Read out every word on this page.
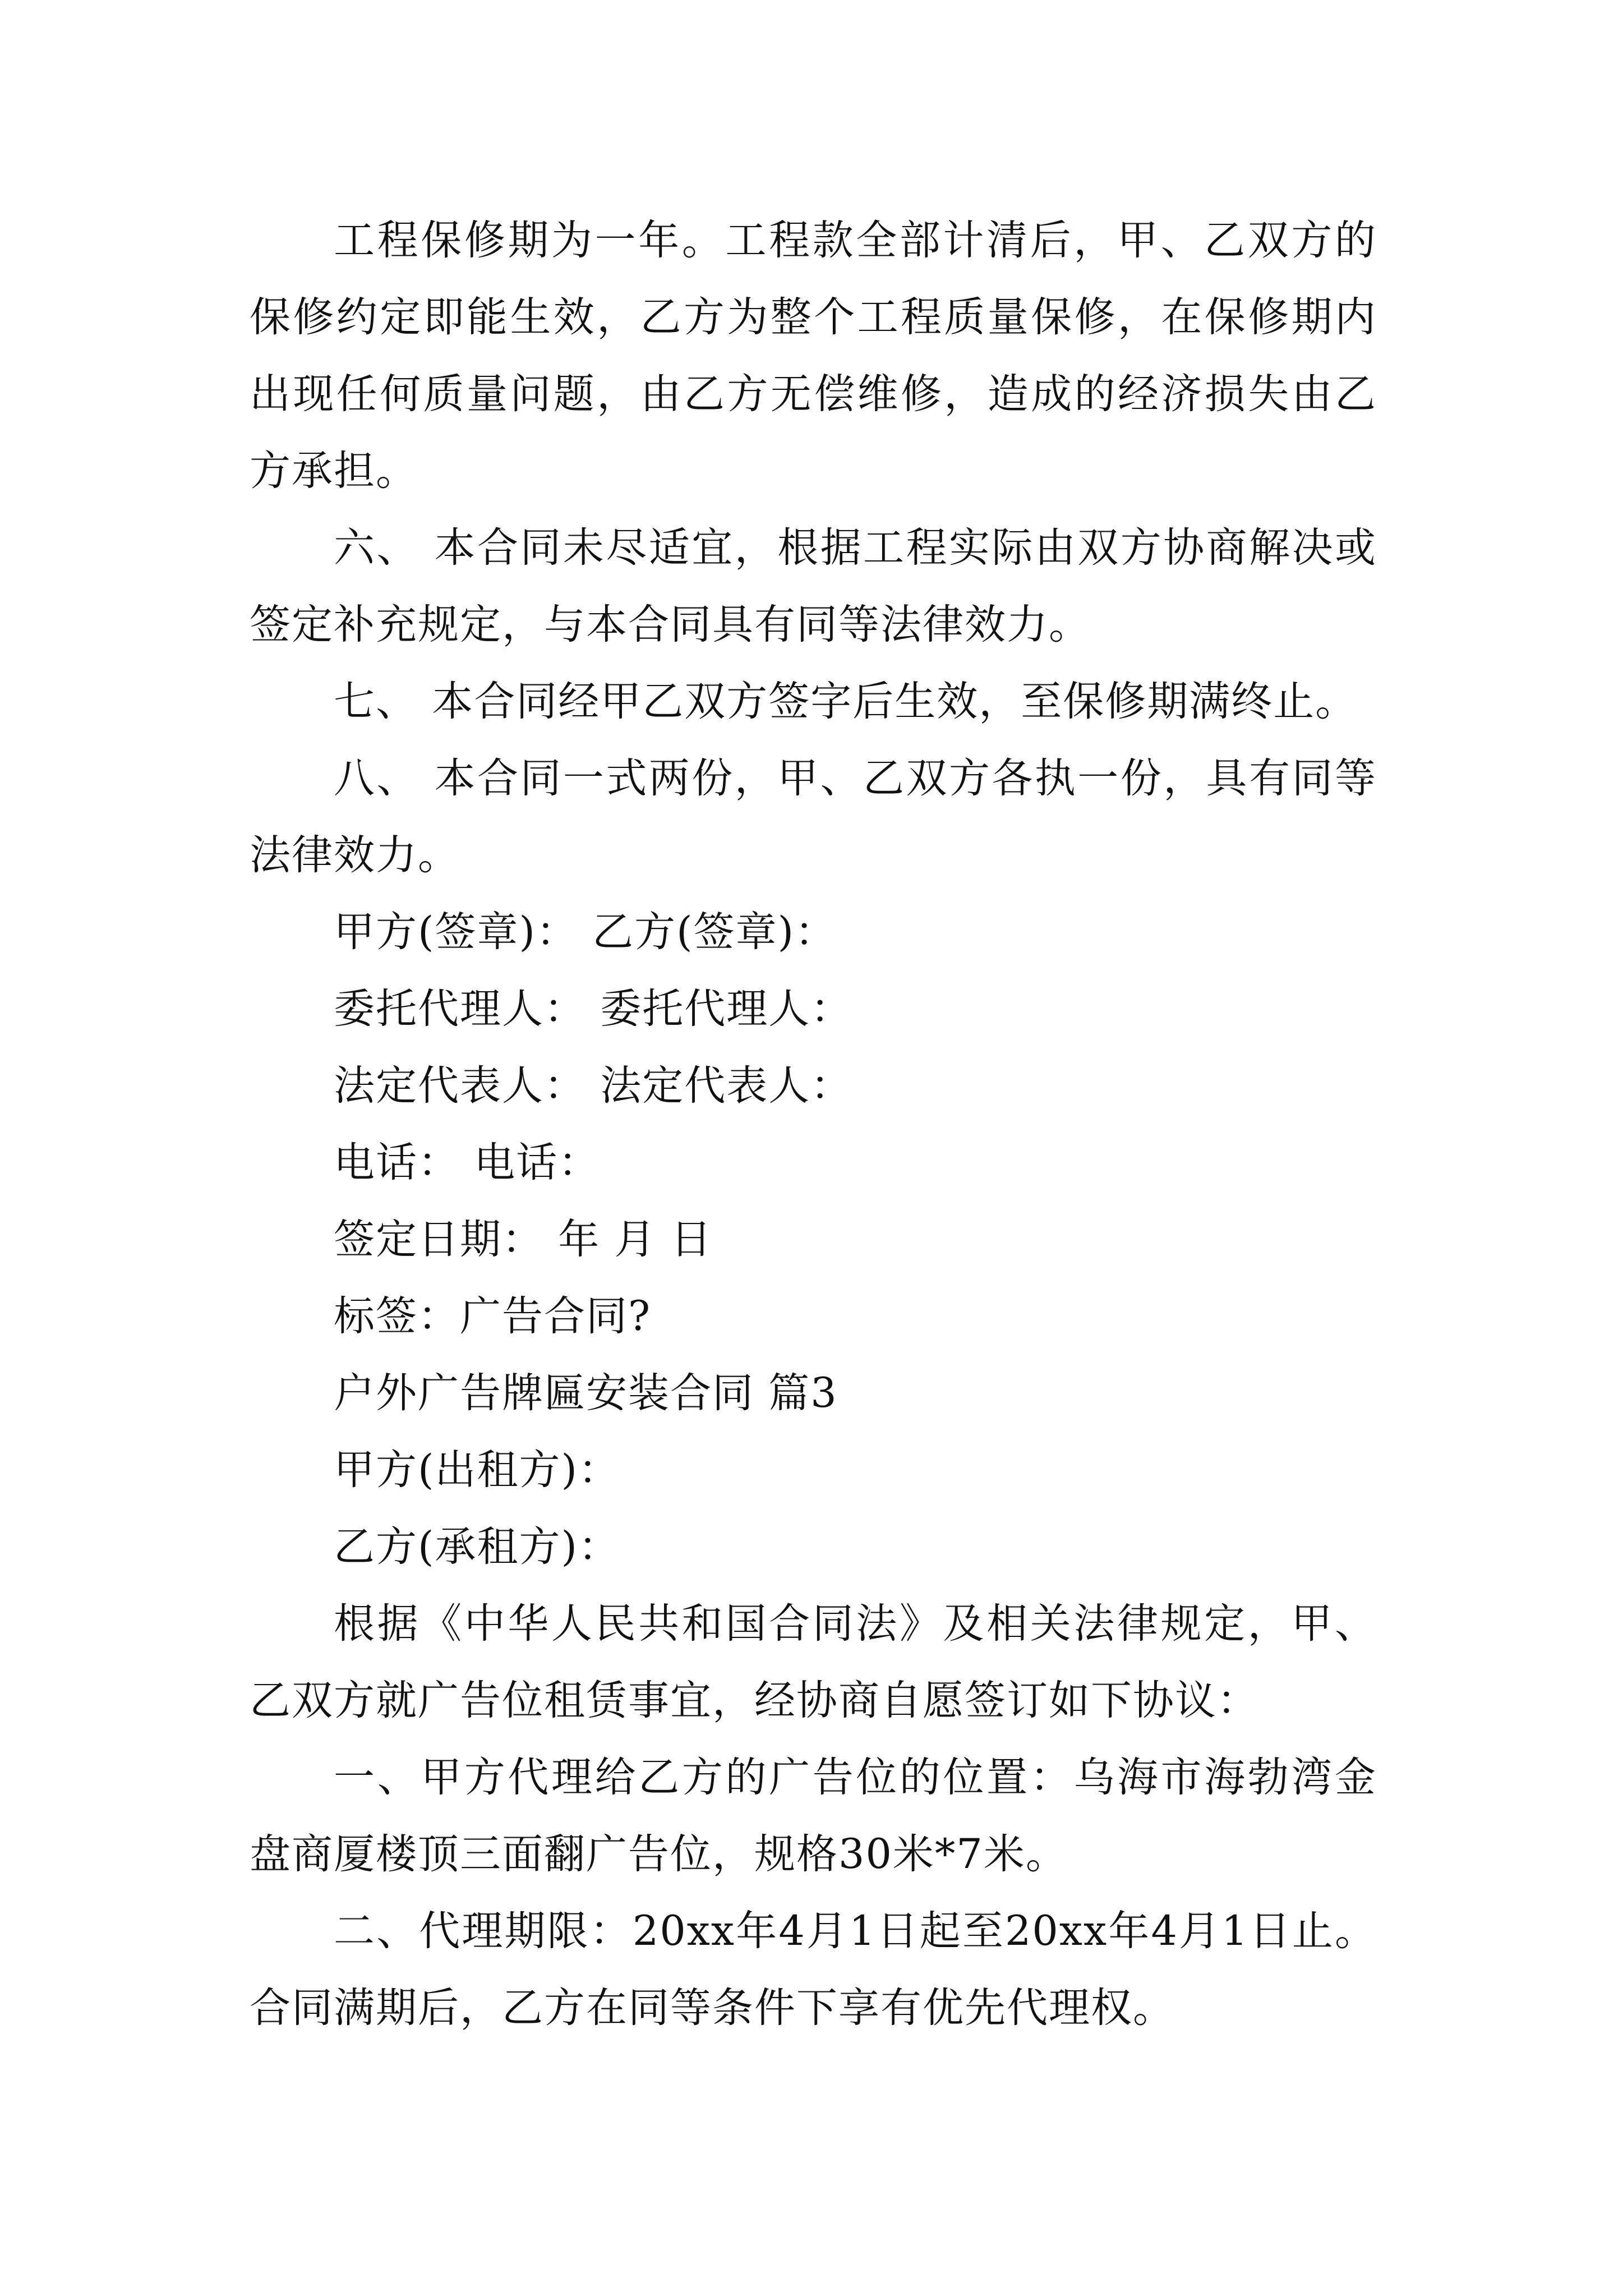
工程保修期为一年。工程款全部计清后，甲、乙双方的保修约定即能生效，乙方为整个工程质量保修，在保修期内出现任何质量问题，由乙方无偿维修，造成的经济损失由乙方承担。

六、 本合同未尽适宜，根据工程实际由双方协商解决或签定补充规定，与本合同具有同等法律效力。

七、 本合同经甲乙双方签字后生效，至保修期满终止。

八、 本合同一式两份，甲、乙双方各执一份，具有同等法律效力。

甲方(签章)： 乙方(签章)：

委托代理人： 委托代理人：

法定代表人： 法定代表人：

电话： 电话：

签定日期： 年 月 日

标签：广告合同?

户外广告牌匾安装合同 篇3

甲方(出租方)：

乙方(承租方)：

根据《中华人民共和国合同法》及相关法律规定，甲、乙双方就广告位租赁事宜，经协商自愿签订如下协议：

一、甲方代理给乙方的广告位的位置：乌海市海勃湾金盘商厦楼顶三面翻广告位，规格30米*7米。

二、代理期限：20xx年4月1日起至20xx年4月1日止。合同满期后，乙方在同等条件下享有优先代理权。
